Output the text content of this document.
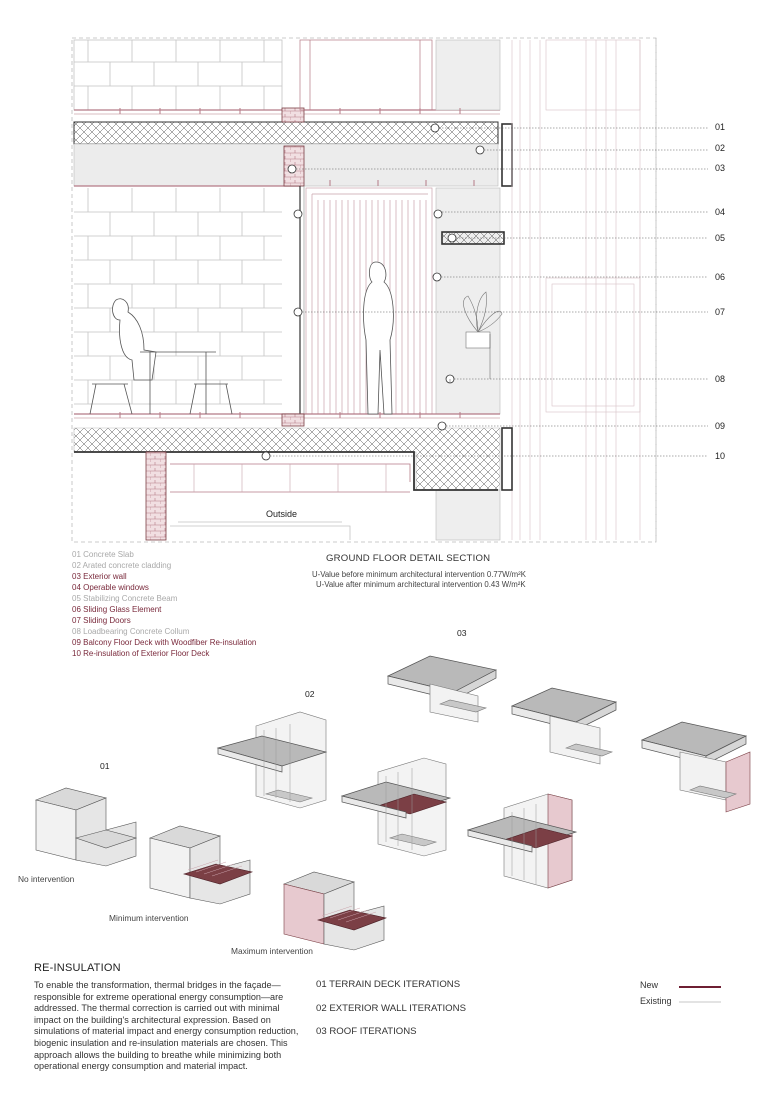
01
02
03
04
05
06
07
08
09
10
Outside
01 Concrete Slab
02 Arated concrete cladding
03 Exterior wall
04 Operable windows
05 Stabilizing Concrete Beam
06 Sliding Glass Element
07 Sliding Doors
08 Loadbearing Concrete Collum
09 Balcony Floor Deck with Woodfiber Re-insulation
10 Re-insulation of Exterior Floor Deck
GROUND FLOOR DETAIL SECTION
U-Value before minimum architectural intervention 0.77W/m²K
U-Value after minimum architectural intervention 0.43 W/m²K
03
02
01
No intervention
Minimum intervention
Maximum intervention
RE-INSULATION
To enable the transformation, thermal bridges in the façade—responsible for extreme operational energy consumption—are addressed. The thermal correction is carried out with minimal impact on the building's architectural expression. Based on simulations of material impact and energy consumption reduction, biogenic insulation and re-insulation materials are chosen. This approach allows the building to breathe while minimizing both operational energy consumption and material impact.
01 TERRAIN DECK ITERATIONS
02 EXTERIOR WALL ITERATIONS
03 ROOF ITERATIONS
New
Existing
